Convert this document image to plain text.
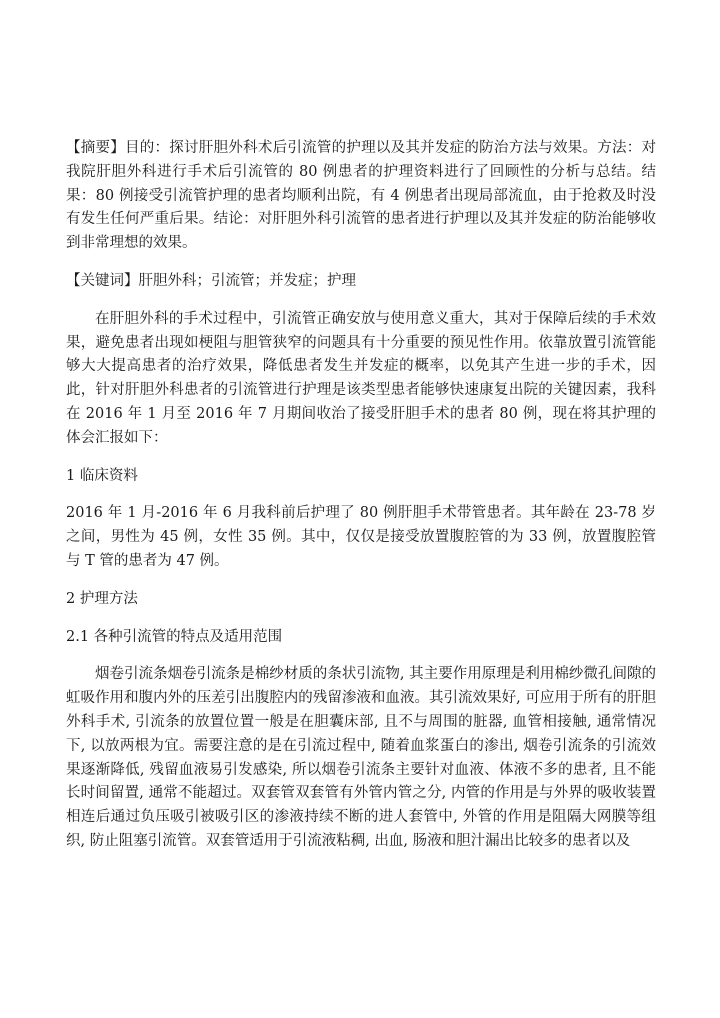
【摘要】目的：探讨肝胆外科术后引流管的护理以及其并发症的防治方法与效果。方法：对我院肝胆外科进行手术后引流管的 80 例患者的护理资料进行了回顾性的分析与总结。结果：80 例接受引流管护理的患者均顺利出院，有 4 例患者出现局部流血，由于抢救及时没有发生任何严重后果。结论：对肝胆外科引流管的患者进行护理以及其并发症的防治能够收到非常理想的效果。

【关键词】肝胆外科；引流管；并发症；护理

在肝胆外科的手术过程中，引流管正确安放与使用意义重大，其对于保障后续的手术效果，避免患者出现如梗阻与胆管狭窄的问题具有十分重要的预见性作用。依靠放置引流管能够大大提高患者的治疗效果，降低患者发生并发症的概率，以免其产生进一步的手术，因此，针对肝胆外科患者的引流管进行护理是该类型患者能够快速康复出院的关键因素，我科在 2016 年 1 月至 2016 年 7 月期间收治了接受肝胆手术的患者 80 例，现在将其护理的体会汇报如下：

1 临床资料

2016 年 1 月-2016 年 6 月我科前后护理了 80 例肝胆手术带管患者。其年龄在 23-78 岁之间，男性为 45 例，女性 35 例。其中，仅仅是接受放置腹腔管的为 33 例，放置腹腔管与 T 管的患者为 47 例。

2 护理方法

2.1 各种引流管的特点及适用范围

烟卷引流条烟卷引流条是棉纱材质的条状引流物, 其主要作用原理是利用棉纱微孔间隙的虹吸作用和腹内外的压差引出腹腔内的残留渗液和血液。其引流效果好, 可应用于所有的肝胆外科手术, 引流条的放置位置一般是在胆囊床部, 且不与周围的脏器, 血管相接触, 通常情况下, 以放两根为宜。需要注意的是在引流过程中, 随着血浆蛋白的渗出, 烟卷引流条的引流效果逐渐降低, 残留血液易引发感染, 所以烟卷引流条主要针对血液、体液不多的患者, 且不能长时间留置, 通常不能超过。双套管双套管有外管内管之分, 内管的作用是与外界的吸收装置相连后通过负压吸引被吸引区的渗液持续不断的进人套管中, 外管的作用是阻隔大网膜等组织, 防止阻塞引流管。双套管适用于引流液粘稠, 出血, 肠液和胆汁漏出比较多的患者以及
